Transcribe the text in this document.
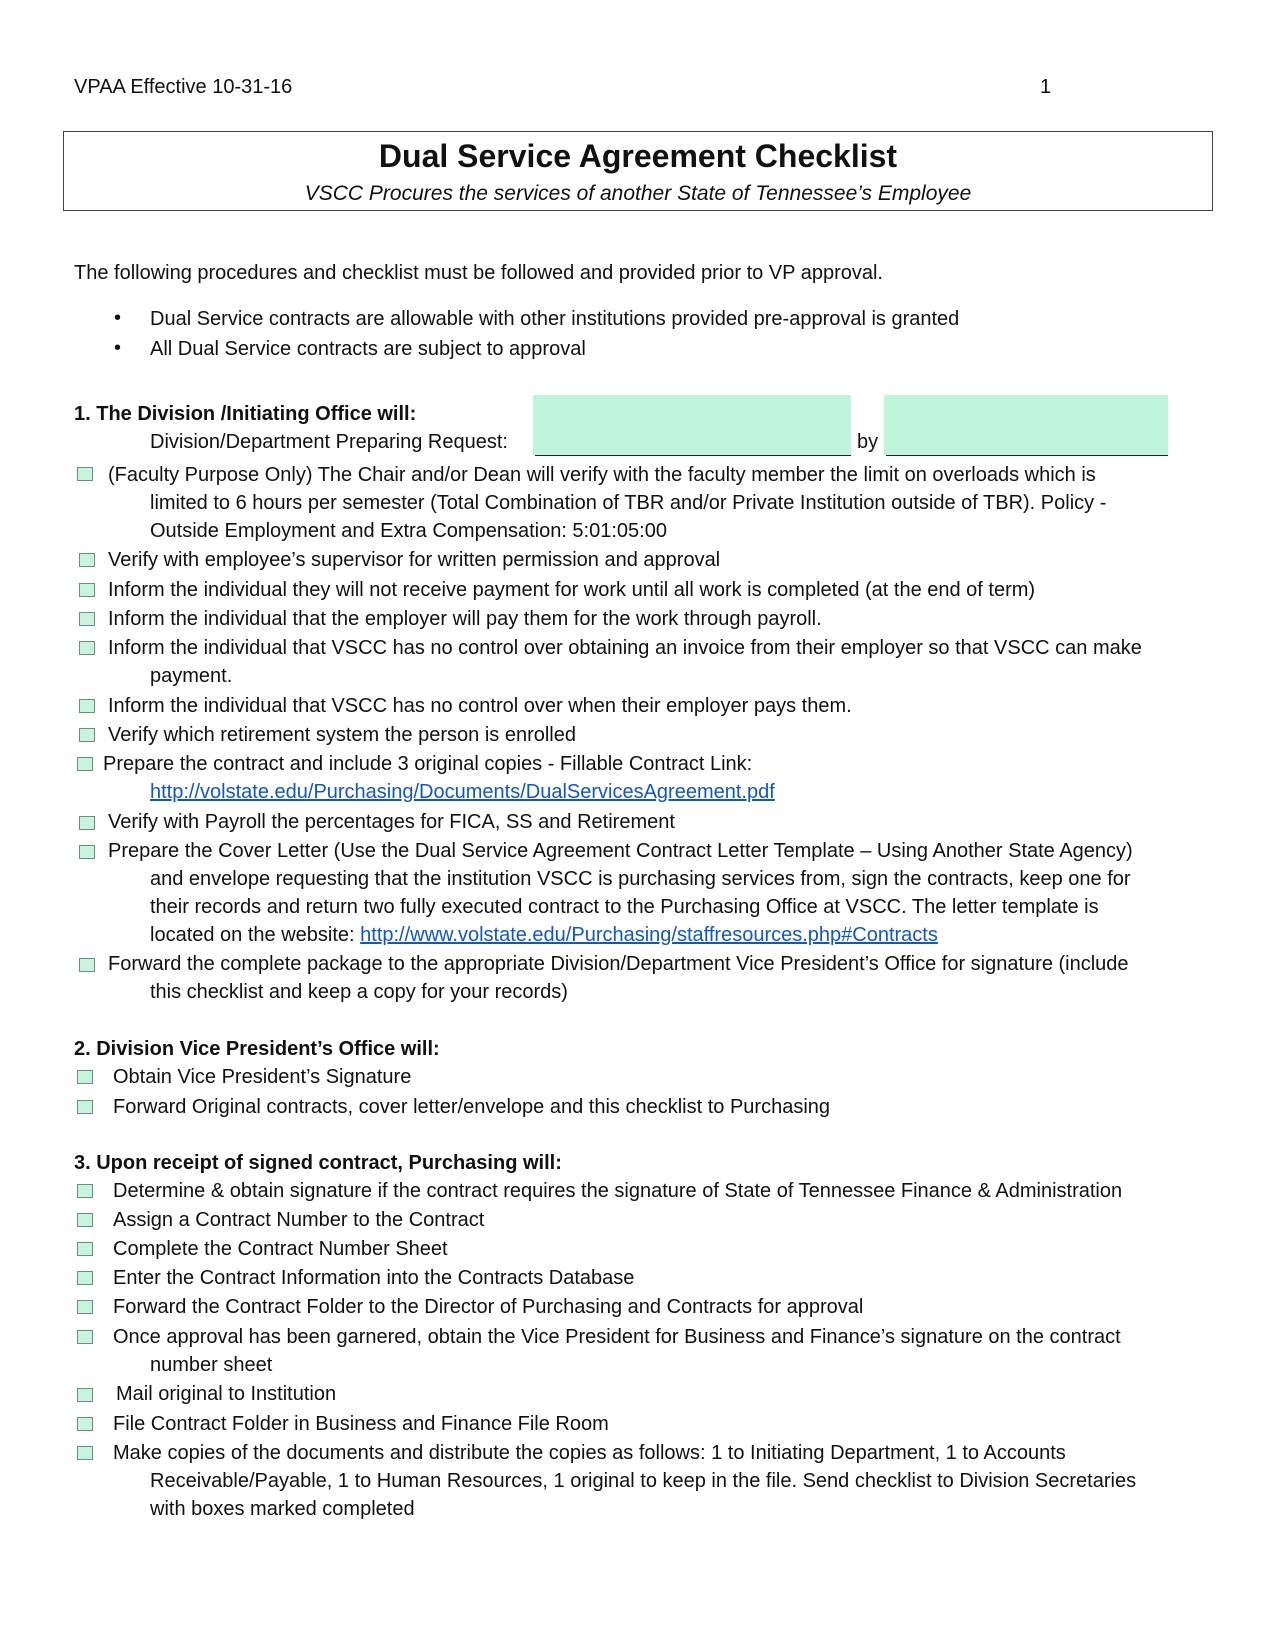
VPAA Effective 10-31-16	1
Dual Service Agreement Checklist
VSCC Procures the services of another State of Tennessee’s Employee
The following procedures and checklist must be followed and provided prior to VP approval.
• Dual Service contracts are allowable with other institutions provided pre-approval is granted
• All Dual Service contracts are subject to approval
1. The Division /Initiating Office will:
Division/Department Preparing Request:	by
(Faculty Purpose Only) The Chair and/or Dean will verify with the faculty member the limit on overloads which is
limited to 6 hours per semester (Total Combination of TBR and/or Private Institution outside of TBR). Policy -
Outside Employment and Extra Compensation: 5:01:05:00
Verify with employee’s supervisor for written permission and approval
Inform the individual they will not receive payment for work until all work is completed (at the end of term)
Inform the individual that the employer will pay them for the work through payroll.
Inform the individual that VSCC has no control over obtaining an invoice from their employer so that VSCC can make
payment.
Inform the individual that VSCC has no control over when their employer pays them.
Verify which retirement system the person is enrolled
Prepare the contract and include 3 original copies - Fillable Contract Link:
http://volstate.edu/Purchasing/Documents/DualServicesAgreement.pdf
Verify with Payroll the percentages for FICA, SS and Retirement
Prepare the Cover Letter (Use the Dual Service Agreement Contract Letter Template – Using Another State Agency)
and envelope requesting that the institution VSCC is purchasing services from, sign the contracts, keep one for
their records and return two fully executed contract to the Purchasing Office at VSCC. The letter template is
located on the website: http://www.volstate.edu/Purchasing/staffresources.php#Contracts
Forward the complete package to the appropriate Division/Department Vice President’s Office for signature (include
this checklist and keep a copy for your records)
2. Division Vice President’s Office will:
Obtain Vice President’s Signature
Forward Original contracts, cover letter/envelope and this checklist to Purchasing
3. Upon receipt of signed contract, Purchasing will:
Determine & obtain signature if the contract requires the signature of State of Tennessee Finance & Administration
Assign a Contract Number to the Contract
Complete the Contract Number Sheet
Enter the Contract Information into the Contracts Database
Forward the Contract Folder to the Director of Purchasing and Contracts for approval
Once approval has been garnered, obtain the Vice President for Business and Finance’s signature on the contract
number sheet
Mail original to Institution
File Contract Folder in Business and Finance File Room
Make copies of the documents and distribute the copies as follows: 1 to Initiating Department, 1 to Accounts
Receivable/Payable, 1 to Human Resources, 1 original to keep in the file. Send checklist to Division Secretaries
with boxes marked completed
